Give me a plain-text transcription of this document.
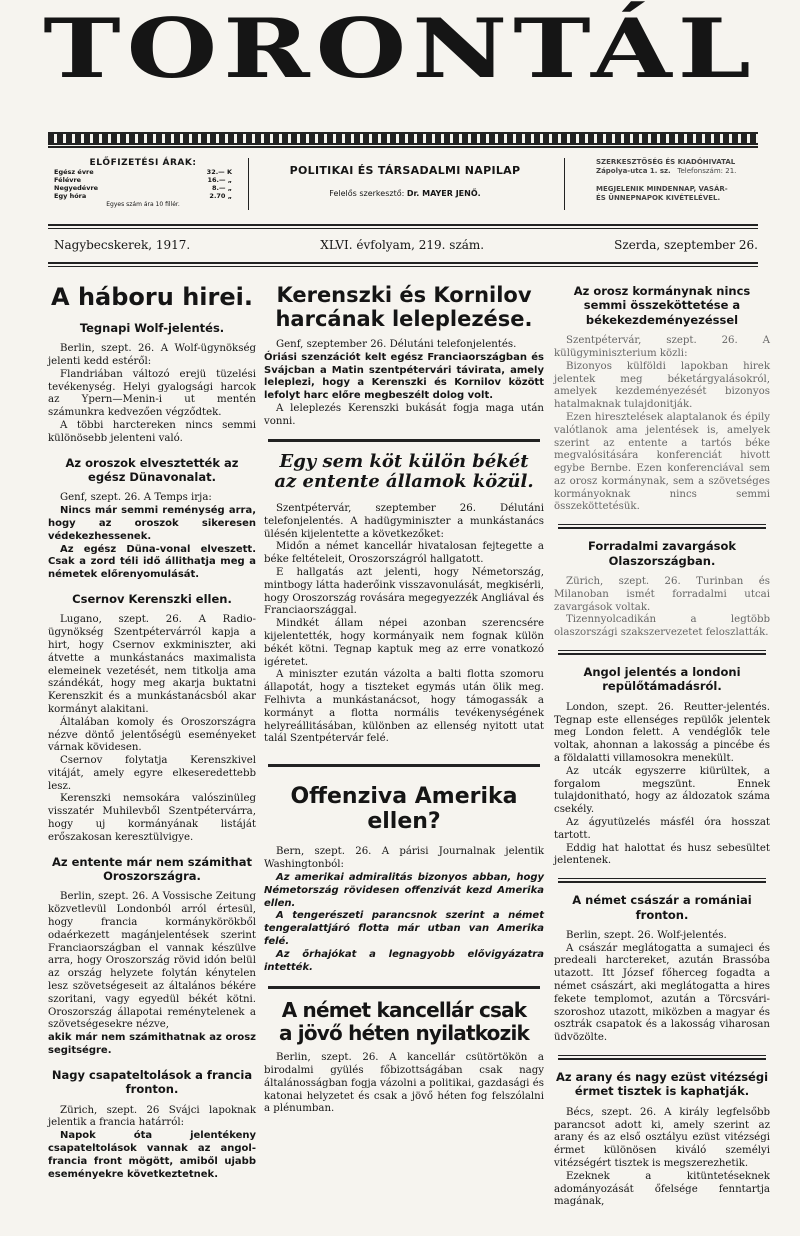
TORONTÁL
ELŐFIZETÉSI ÁRAK:
Egész évre	32.— K
Félévre	16.— „
Negyedévre	8.— „
Egy hóra	2.70 „
Egyes szám ára 10 fillér.
POLITIKAI ÉS TÁRSADALMI NAPILAP
Felelős szerkesztő: Dr. MAYER JENŐ.
SZERKESZTŐSÉG ÉS KIADÓHIVATAL
Zápolya-utca 1. sz. Telefonszám: 21.
MEGJELENIK MINDENNAP, VASÁR-
ÉS ÜNNEPNAPOK KIVÉTELÉVEL.
Nagybecskerek, 1917.	XLVI. évfolyam, 219. szám.	Szerda, szeptember 26.
A háboru hirei.
Tegnapi Wolf-jelentés.

Berlin, szept. 26. A Wolf-ügynökség jelenti kedd estéről:

Flandriában változó erejü tüzelési tevékenység. Helyi gyalogsági harcok az Ypern—Menin-i ut mentén számunkra kedvezően végződtek.

A többi harctereken nincs semmi különösebb jelenteni való.

Az oroszok elvesztették az egész Dünavonalat.

Genf, szept. 26. A Temps irja:

Nincs már semmi reménység arra, hogy az oroszok sikeresen védekezhessenek.

Az egész Düna-vonal elveszett. Csak a zord téli idő állithatja meg a németek előrenyomulását.

Csernov Kerenszki ellen.

Lugano, szept. 26. A Radio-ügynökség Szentpétervárról kapja a hirt, hogy Csernov exkminiszter, aki átvette a munkástanács maximalista elemeinek vezetését, nem titkolja ama szándékát, hogy meg akarja buktatni Kerenszkit és a munkástanácsból akar kormányt alakitani.

Általában komoly és Oroszországra nézve döntő jelentőségü eseményeket várnak kövidesen.

Csernov folytatja Kerenszkivel vitáját, amely egyre elkeseredettebb lesz.

Kerenszki nemsokára valószinüleg visszatér Muhilevből Szentpétervárra, hogy uj kormányának listáját erőszakosan keresztülvigye.

Az entente már nem számithat Oroszországra.

Berlin, szept. 26. A Vossische Zeitung közvetlevül Londonból arról értesül, hogy francia kormánykörökből odaérkezett magánjelentések szerint Franciaországban el vannak készülve arra, hogy Oroszország rövid idón belül az ország helyzete folytán kénytelen lesz szövetségeseit az általános békére szoritani, vagy egyedül békét kötni. Oroszország állapotai reménytelenek a szövetségesekre nézve,

akik már nem számithatnak az orosz segitségre.

Nagy csapateltolások a francia fronton.

Zürich, szept. 26 Svájci lapoknak jelentik a francia határról:

Napok óta jelentékeny csapateltolások vannak az angol-francia front mögött, amiből ujabb eseményekre következtetnek.

Kerenszki és Kornilov
harcának leleplezése.

Genf, szeptember 26. Délutáni telefonjelentés.

Óriási szenzációt kelt egész Franciaországban és Svájcban a Matin szentpétervári táviratа, amely leleplezi, hogy a Kerenszki és Kornilov között lefolyt harc előre megbeszélt dolog volt.

A leleplezés Kerenszki bukását fogja maga után vonni.

Egy sem köt külön békét
az entente államok közül.

Szentpétervár, szeptember 26. Délutáni telefonjelentés. A hadügyminiszter a munkástanács ülésén kijelentette a következőket:

Midőn a német kancellár hivatalosan fejtegette a béke feltételeit, Oroszországról hallgatott.

E hallgatás azt jelenti, hogy Németország, mintbogy látta haderőink visszavonulását, megkisérli, hogy Oroszország rovására megegyezzék Angliával és Franciaországgal.

Mindkét állam népei azonban szerencsére kijelentették, hogy kormányaik nem fognak külön békét kötni. Tegnap kaptuk meg az erre vonatkozó igéretet.

A miniszter ezután vázolta a balti flotta szomoru állapotát, hogy a tiszteket egymás után ölik meg. Felhivta a munkástanácsot, hogy támogassák a kormányt a flotta normális tevékenységének helyreállitásában, különben az ellenség nyitott utat talál Szentpétervár felé.

Offenziva Amerika
ellen?

Bern, szept. 26. A párisi Journalnak jelentik Washingtonból:

Az amerikai admiralitás bizonyos abban, hogy Németország rövidesen offenzivát kezd Amerika ellen.

A tengerészeti parancsnok szerint a német tengeralattjáró flotta már utban van Amerika felé.

Az őrhajókat a legnagyobb elővigyázatra intették.

A német kancellár csak
a jövő héten nyilatkozik

Berlin, szept. 26. A kancellár csütörtökön a birodalmi gyülés főbizottságában csak nagy általánosságban fogja vázolni a politikai, gazdasági és katonai helyzetet és csak a jövő héten fog felszólalni a plénumban.

Az orosz kormánynak nincs semmi összeköttetése a békekezdeményezéssel

Szentpétervár, szept. 26. A külügyminiszterium közli:

Bizonyos külföldi lapokban hirek jelentek meg béketárgyalásokról, amelyek kezdeményezését bizonyos hatalmaknak tulajdonitják.

Ezen hiresztelések alaptalanok és épily valótlanok ama jelentések is, amelyek szerint az entente a tartós béke megvalósitására konferenciát hivott egybe Bernbe. Ezen konferenciával sem az orosz kormánynak, sem a szövetséges kormányoknak nincs semmi összeköttetésük.

Forradalmi zavargások Olaszországban.

Zürich, szept. 26. Turinban és Milanoban ismét forradalmi utcai zavargások voltak.

Tizennyolcadikán a legtöbb olaszországi szakszervezetet feloszlatták.

Angol jelentés a londoni repülőtámadásról.

London, szept. 26. Reutter-jelentés. Tegnap este ellenséges repülők jelentek meg London felett. A vendéglők tele voltak, ahonnan a lakosság a pincébe és a földalatti villamosokra menekült.

Az utcák egyszerre kiürültek, a forgalom megszünt. Ennek tulajdonitható, hogy az áldozatok száma csekély.

Az ágyutüzelés másfél óra hosszat tartott.

Eddig hat halottat és husz sebesültet jelentenek.

A német császár a romániai fronton.

Berlin, szept. 26. Wolf-jelentés.

A császár meglátogatta a sumajeci és predeali harctereket, azután Brassóba utazott. Itt József főherceg fogadta a német császárt, aki meglátogatta a hires fekete templomot, azután a Törcsvári-szoroshoz utazott, miközben a magyar és osztrák csapatok és a lakosság viharosan üdvözölte.

Az arany és nagy ezüst vitézségi érmet tisztek is kaphatják.

Bécs, szept. 26. A király legfelsőbb parancsot adott ki, amely szerint az arany és az első osztályu ezüst vitézségi érmet különösen kiváló személyi vitézségért tisztek is megszerezhetik.

Ezeknek a kitüntetéseknek adományozását őfelsége fenntartja magának,
